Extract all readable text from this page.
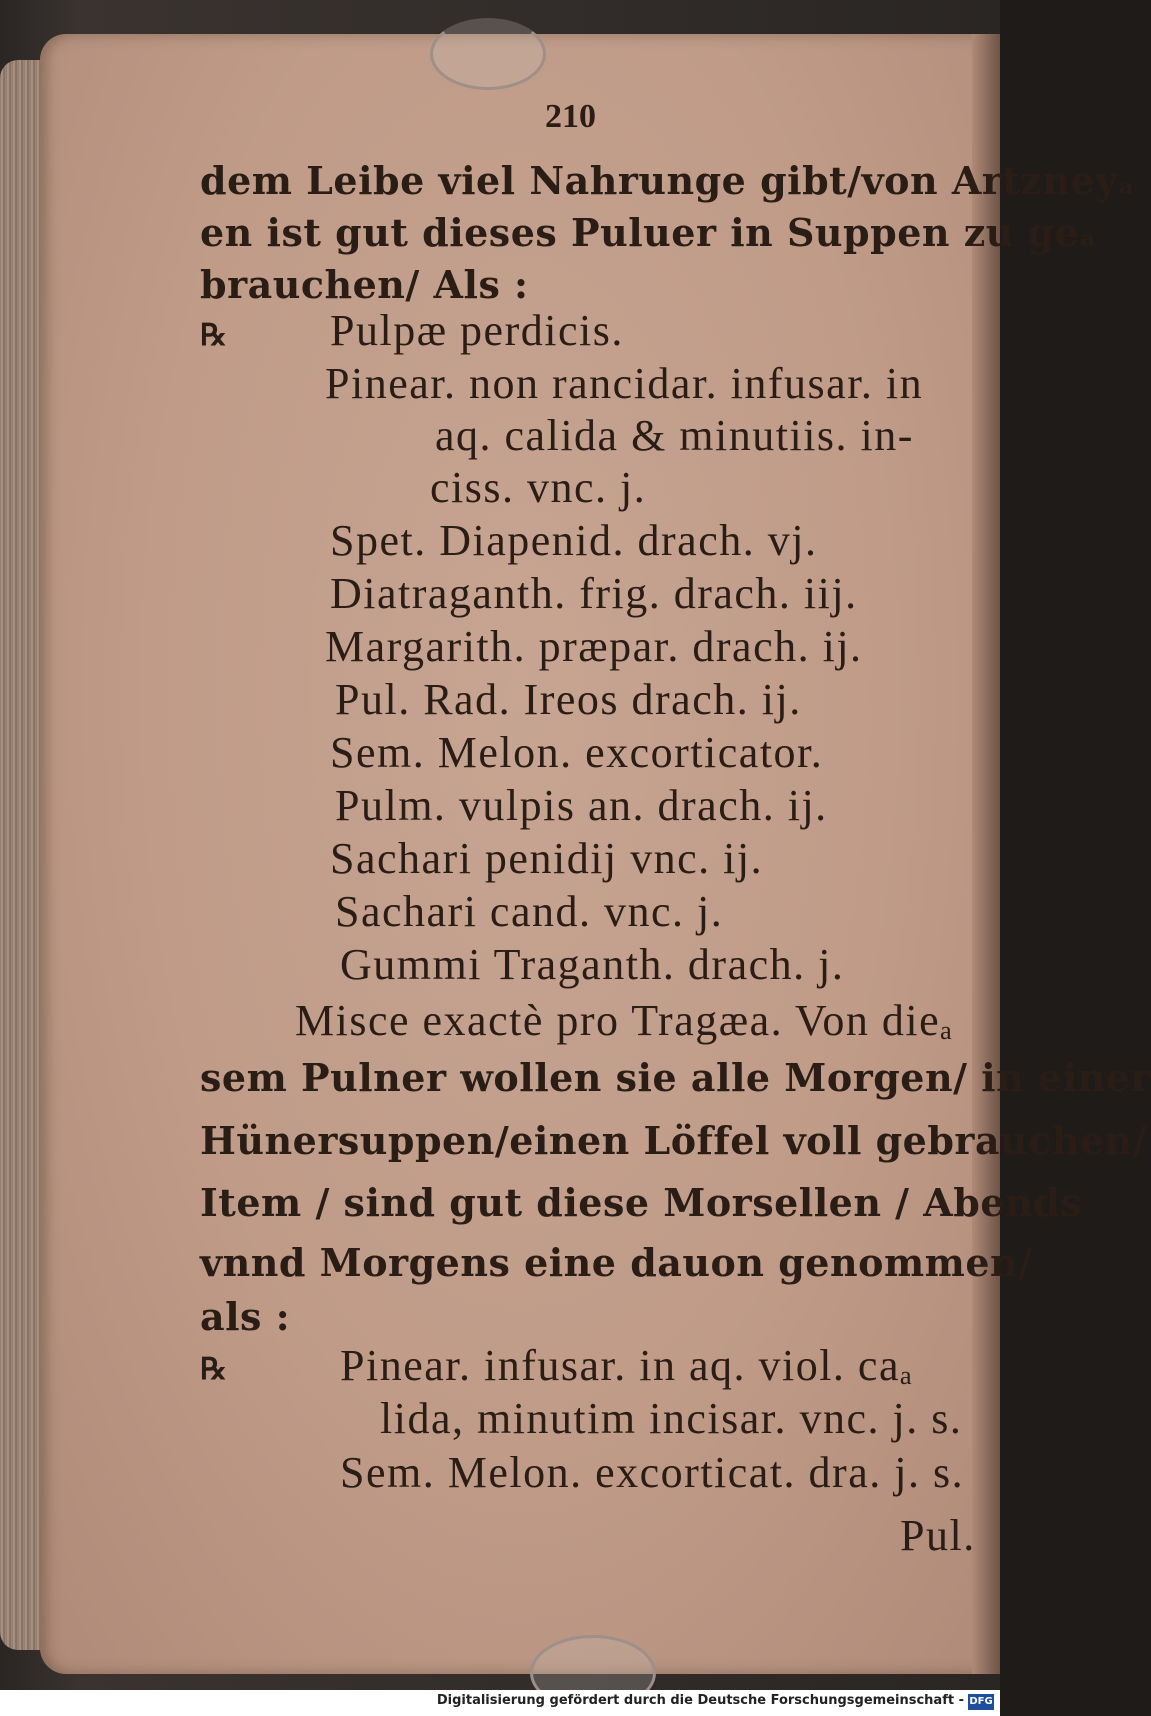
210
dem Leibe viel Nahrunge gibt/von Artzneyₐ
en ist gut dieses Puluer in Suppen zu geₐ
brauchen/ Als :
℞ Pulpæ perdicis.
Pinear. non rancidar. infusar. in
aq. calida & minutiis. in-
ciss. vnc. j.
Spet. Diapenid. drach. vj.
Diatraganth. frig. drach. iij.
Margarith. præpar. drach. ij.
Pul. Rad. Ireos drach. ij.
Sem. Melon. excorticator.
Pulm. vulpis an. drach. ij.
Sachari penidij vnc. ij.
Sachari cand. vnc. j.
Gummi Traganth. drach. j.
Misce exactè pro Tragæa. Von dieₐ
sem Pulner wollen sie alle Morgen/ in einer
Hünersuppen/einen Löffel voll gebrauchen/
Item / sind gut diese Morsellen / Abends
vnnd Morgens eine dauon genommen/
als :
℞	Pinear. infusar. in aq. viol. caₐ
lida, minutim incisar. vnc. j. s.
Sem. Melon. excorticat. dra. j. s.
Pul.
Digitalisierung gefördert durch die Deutsche Forschungsgemeinschaft - DFG
